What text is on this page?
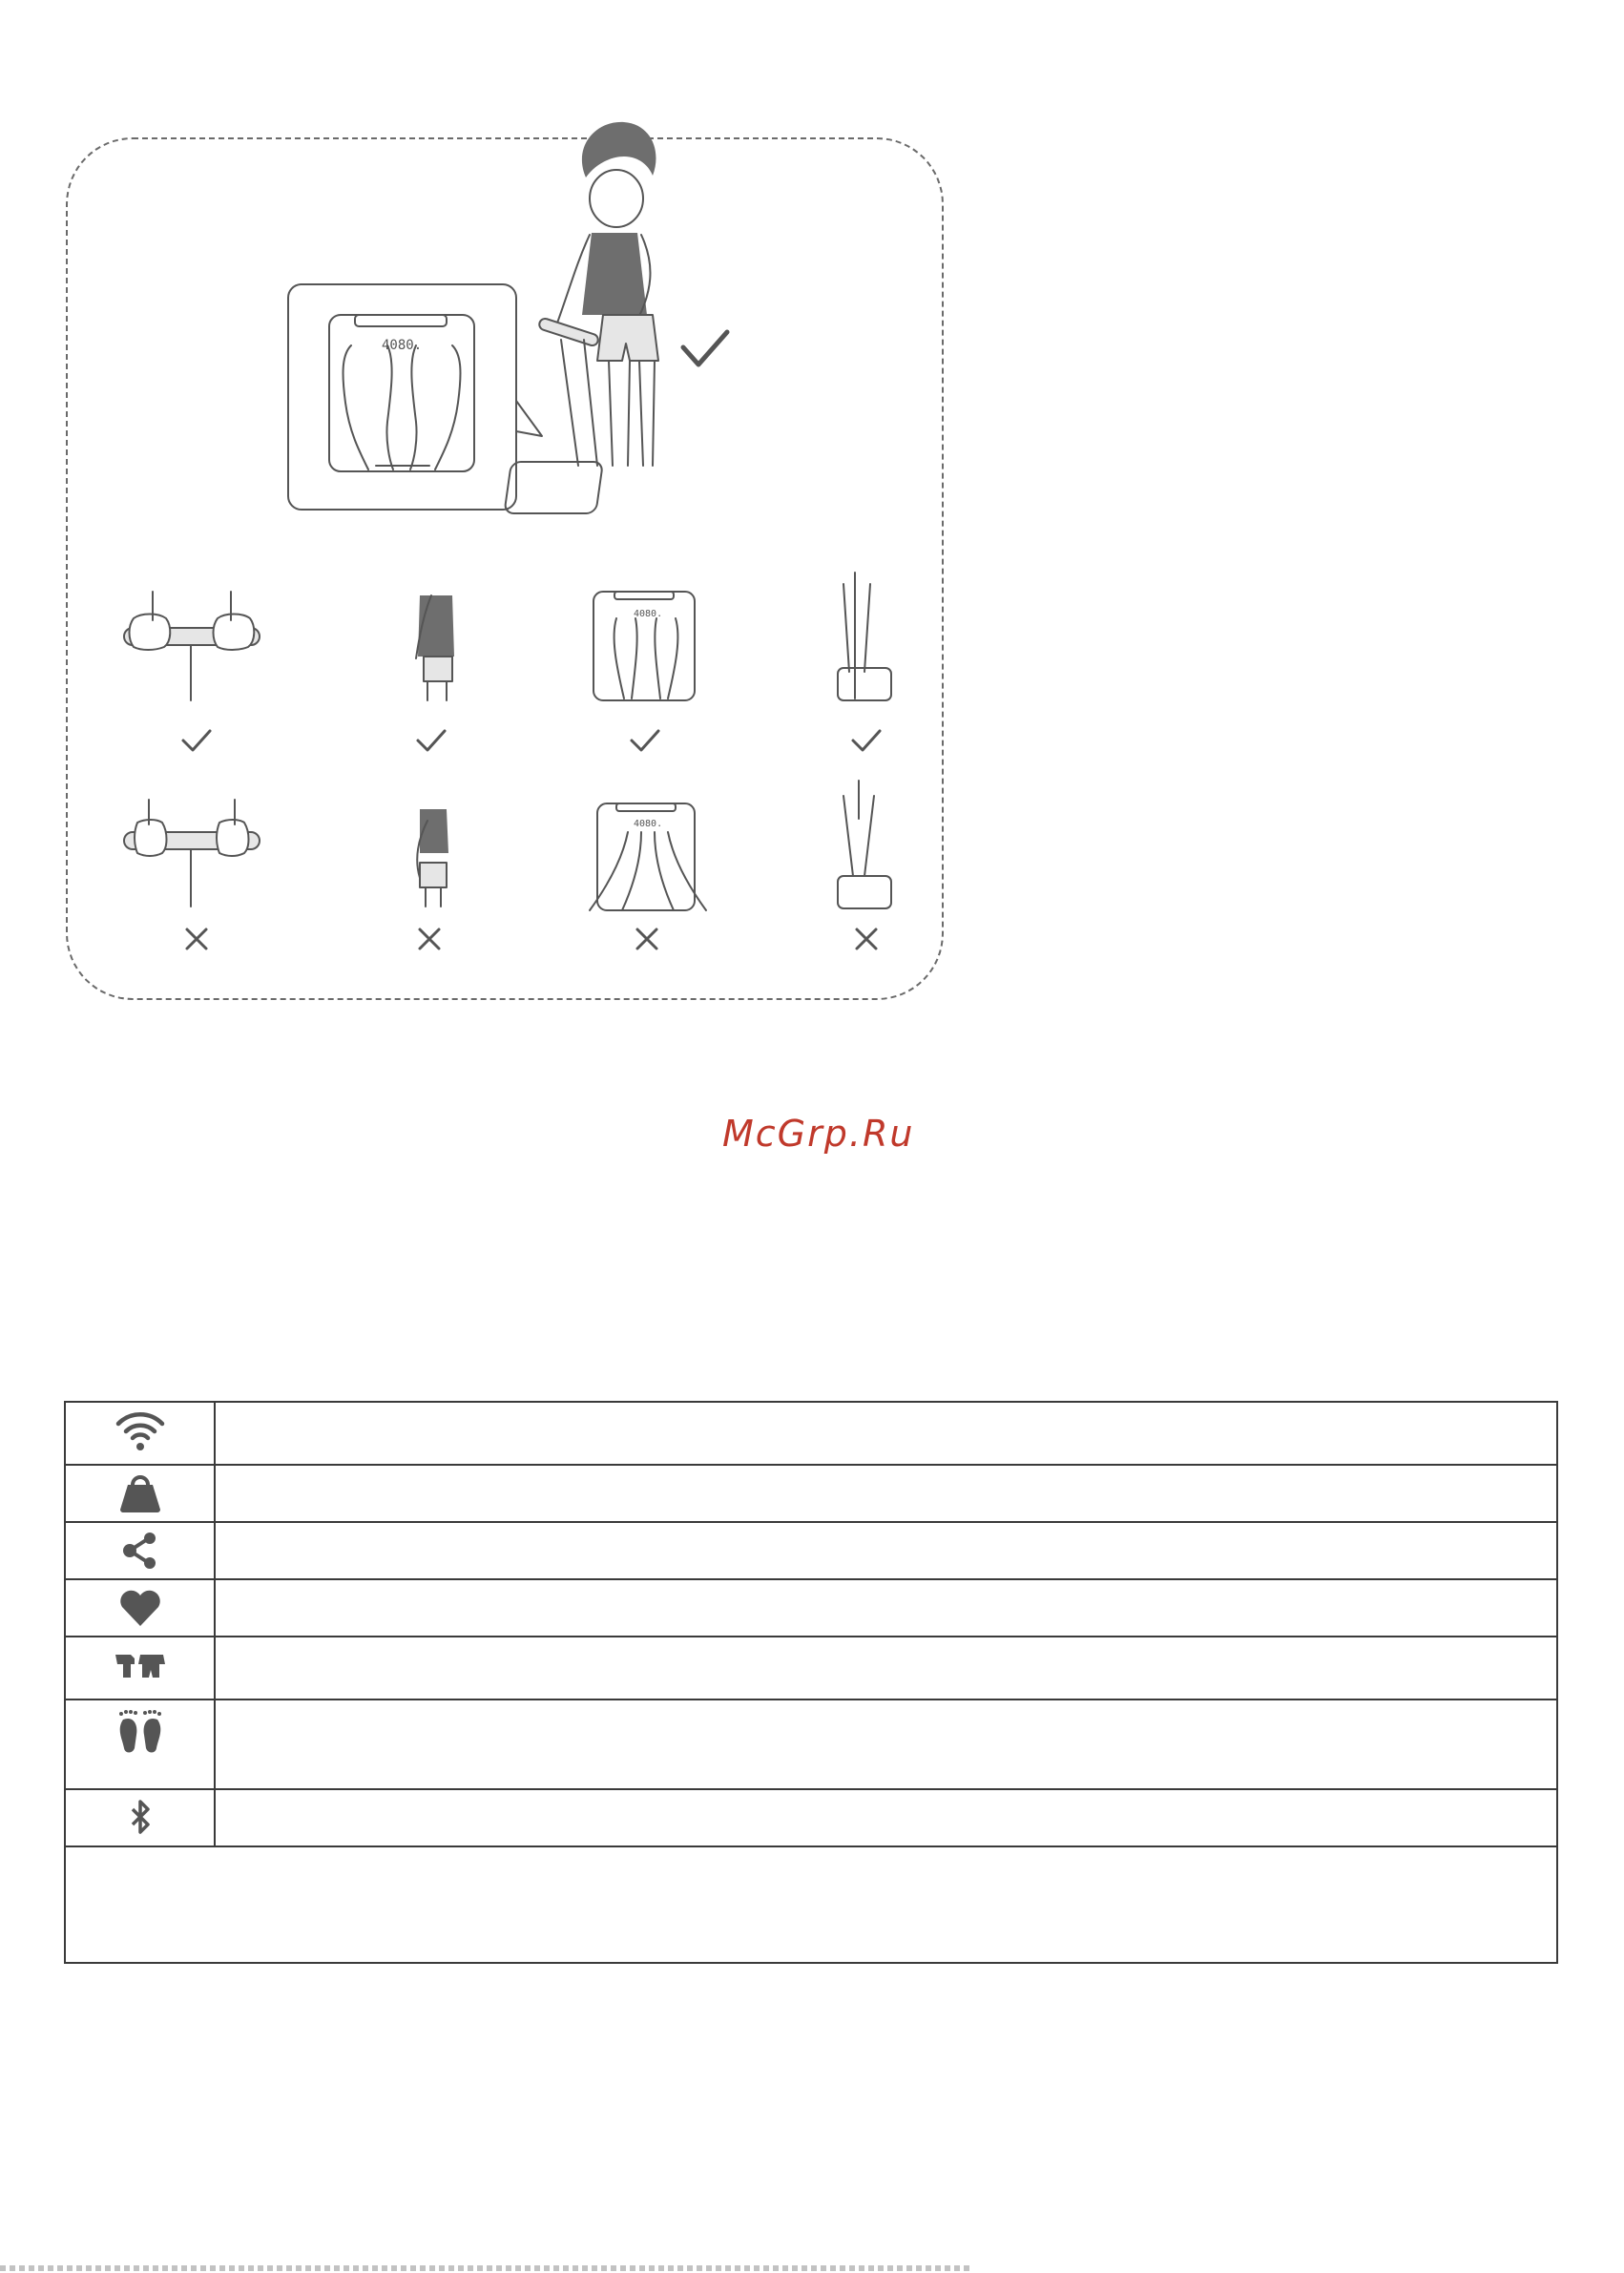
4080.
4080.
4080.
McGrp.Ru
